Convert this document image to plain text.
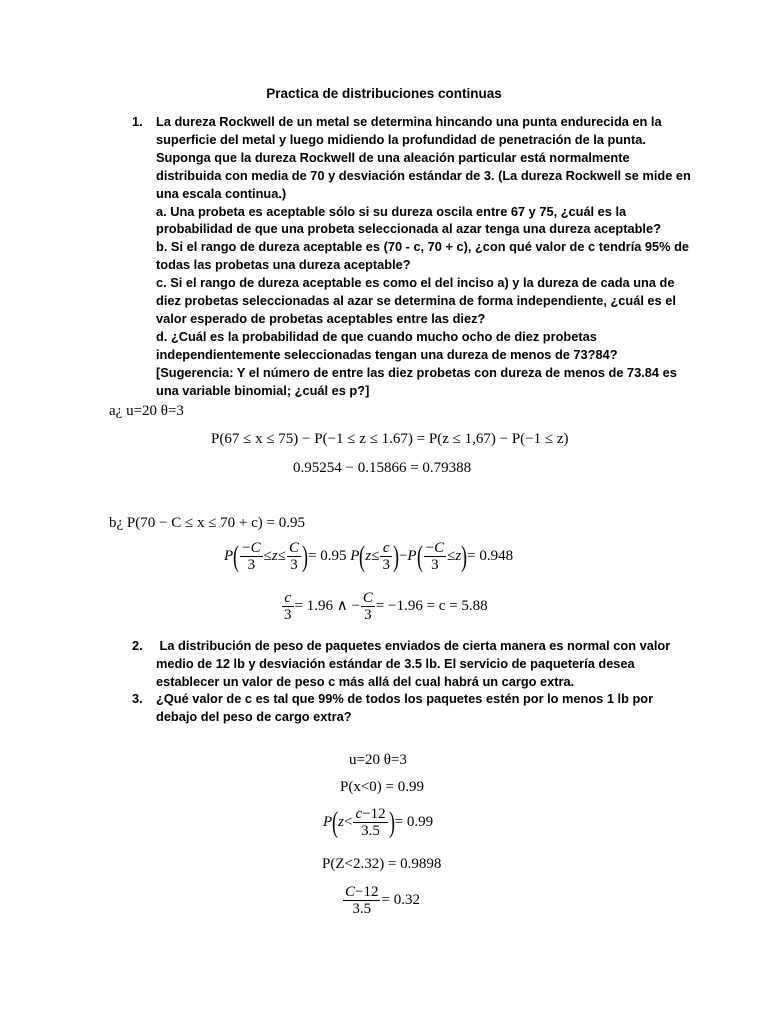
Practica de distribuciones continuas
1. La dureza Rockwell de un metal se determina hincando una punta endurecida en la
superficie del metal y luego midiendo la profundidad de penetración de la punta.
Suponga que la dureza Rockwell de una aleación particular está normalmente
distribuida con media de 70 y desviación estándar de 3. (La dureza Rockwell se mide en
una escala continua.)
a. Una probeta es aceptable sólo si su dureza oscila entre 67 y 75, ¿cuál es la
probabilidad de que una probeta seleccionada al azar tenga una dureza aceptable?
b. Si el rango de dureza aceptable es (70 - c, 70 + c), ¿con qué valor de c tendría 95% de
todas las probetas una dureza aceptable?
c. Si el rango de dureza aceptable es como el del inciso a) y la dureza de cada una de
diez probetas seleccionadas al azar se determina de forma independiente, ¿cuál es el
valor esperado de probetas aceptables entre las diez?
d. ¿Cuál es la probabilidad de que cuando mucho ocho de diez probetas
independientemente seleccionadas tengan una dureza de menos de 73?84?
[Sugerencia: Y el número de entre las diez probetas con dureza de menos de 73.84 es
una variable binomial; ¿cuál es p?]
a¿ u=20 θ=3
P(67 ≤ x ≤ 75) − P(−1 ≤ z ≤ 1.67) = P(z ≤ 1,67) − P(−1 ≤ z)
0.95254 − 0.15866 = 0.79388
b¿ P(70 − C ≤ x ≤ 70 + c) = 0.95
$P( \frac{-C}{3} \le z\le \frac{C}{3}$ )= 0.95 $P(z\le \frac{c}{3} )-P( \frac{-C}{3} \le z)= 0.948$
$\frac{c}{3} = 1.96$ ∧ − $\frac{C}{3} = -1.96 = c = 5.88$
2. La distribución de peso de paquetes enviados de cierta manera es normal con valor
medio de 12 lb y desviación estándar de 3.5 lb. El servicio de paquetería desea
establecer un valor de peso c más allá del cual habrá un cargo extra.
3. ¿Qué valor de c es tal que 99% de todos los paquetes estén por lo menos 1 lb por
debajo del peso de cargo extra?
u=20 θ=3
P(x<0) = 0.99
$P(z< \frac{c-12}{3.5}$ )= 0.99
P(Z<2.32) = 0.9898
$\frac{C-12}{3.5} = 0.32$
